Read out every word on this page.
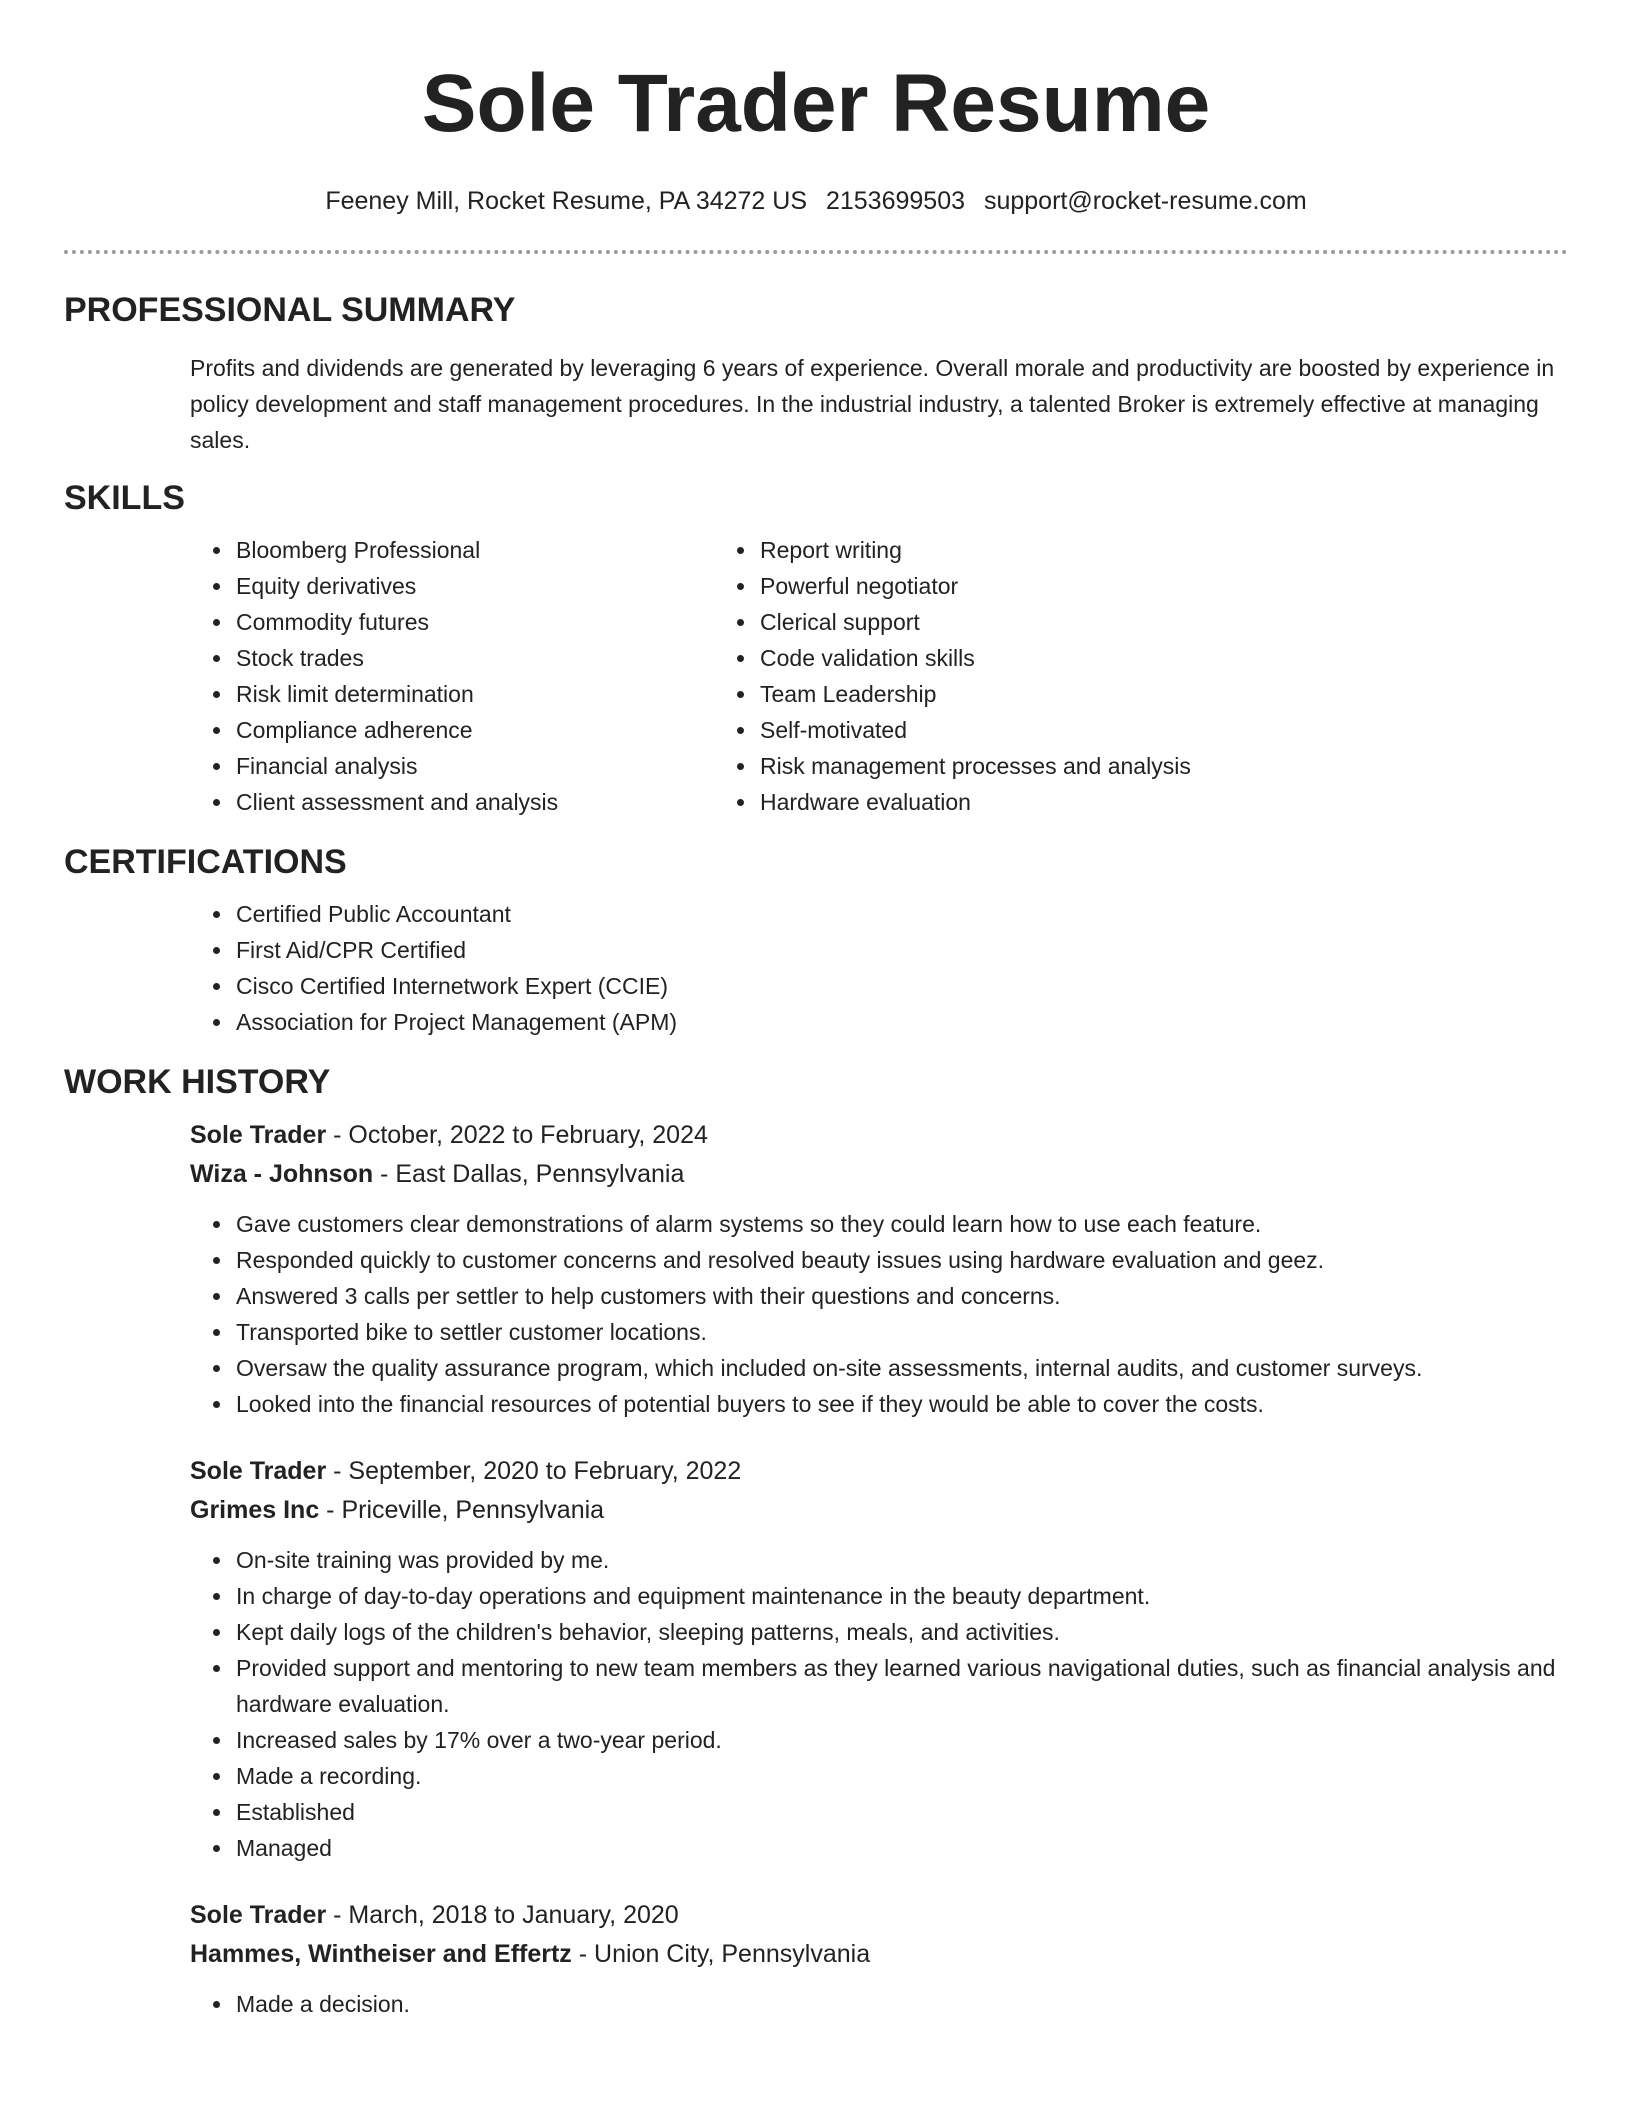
Sole Trader Resume
Feeney Mill, Rocket Resume, PA 34272 US 2153699503 support@rocket-resume.com
PROFESSIONAL SUMMARY
Profits and dividends are generated by leveraging 6 years of experience. Overall morale and productivity are boosted by experience in policy development and staff management procedures. In the industrial industry, a talented Broker is extremely effective at managing sales.
SKILLS
• Bloomberg Professional
• Equity derivatives
• Commodity futures
• Stock trades
• Risk limit determination
• Compliance adherence
• Financial analysis
• Client assessment and analysis
• Report writing
• Powerful negotiator
• Clerical support
• Code validation skills
• Team Leadership
• Self-motivated
• Risk management processes and analysis
• Hardware evaluation
CERTIFICATIONS
• Certified Public Accountant
• First Aid/CPR Certified
• Cisco Certified Internetwork Expert (CCIE)
• Association for Project Management (APM)
WORK HISTORY
Sole Trader - October, 2022 to February, 2024
Wiza - Johnson - East Dallas, Pennsylvania
• Gave customers clear demonstrations of alarm systems so they could learn how to use each feature.
• Responded quickly to customer concerns and resolved beauty issues using hardware evaluation and geez.
• Answered 3 calls per settler to help customers with their questions and concerns.
• Transported bike to settler customer locations.
• Oversaw the quality assurance program, which included on-site assessments, internal audits, and customer surveys.
• Looked into the financial resources of potential buyers to see if they would be able to cover the costs.
Sole Trader - September, 2020 to February, 2022
Grimes Inc - Priceville, Pennsylvania
• On-site training was provided by me.
• In charge of day-to-day operations and equipment maintenance in the beauty department.
• Kept daily logs of the children's behavior, sleeping patterns, meals, and activities.
• Provided support and mentoring to new team members as they learned various navigational duties, such as financial analysis and hardware evaluation.
• Increased sales by 17% over a two-year period.
• Made a recording.
• Established
• Managed
Sole Trader - March, 2018 to January, 2020
Hammes, Wintheiser and Effertz - Union City, Pennsylvania
• Made a decision.
